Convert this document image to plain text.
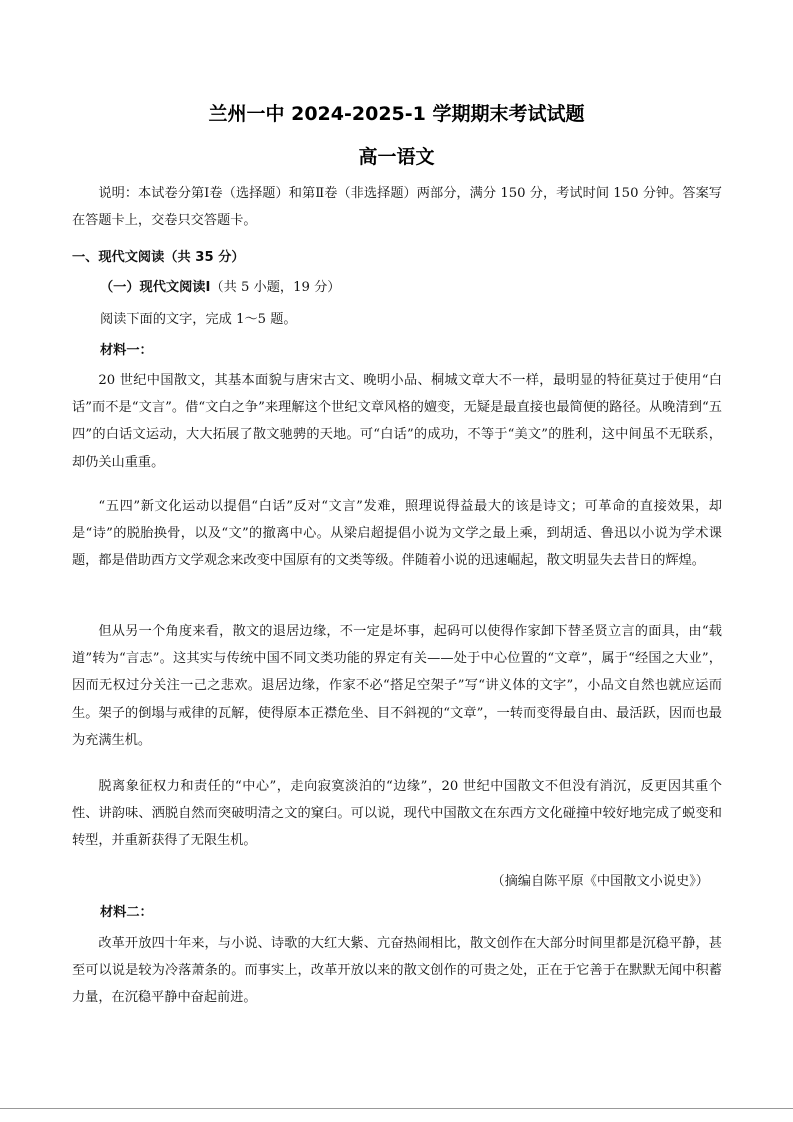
兰州一中 2024-2025-1 学期期末考试试题
高一语文
说明：本试卷分第Ⅰ卷（选择题）和第Ⅱ卷（非选择题）两部分，满分 150 分，考试时间 150 分钟。答案写在答题卡上，交卷只交答题卡。
一、现代文阅读（共 35 分）
（一）现代文阅读Ⅰ（共 5 小题，19 分）
阅读下面的文字，完成 1～5 题。
材料一：
20 世纪中国散文，其基本面貌与唐宋古文、晚明小品、桐城文章大不一样，最明显的特征莫过于使用“白话”而不是“文言”。借“文白之争”来理解这个世纪文章风格的嬗变，无疑是最直接也最简便的路径。从晚清到“五四”的白话文运动，大大拓展了散文驰骋的天地。可“白话”的成功，不等于“美文”的胜利，这中间虽不无联系，却仍关山重重。
“五四”新文化运动以提倡“白话”反对“文言”发难，照理说得益最大的该是诗文；可革命的直接效果，却是“诗”的脱胎换骨，以及“文”的撤离中心。从梁启超提倡小说为文学之最上乘，到胡适、鲁迅以小说为学术课题，都是借助西方文学观念来改变中国原有的文类等级。伴随着小说的迅速崛起，散文明显失去昔日的辉煌。
但从另一个角度来看，散文的退居边缘，不一定是坏事，起码可以使得作家卸下替圣贤立言的面具，由“载道”转为“言志”。这其实与传统中国不同文类功能的界定有关——处于中心位置的“文章”，属于“经国之大业”，因而无权过分关注一己之悲欢。退居边缘，作家不必“搭足空架子”写“讲义体的文字”，小品文自然也就应运而生。架子的倒塌与戒律的瓦解，使得原本正襟危坐、目不斜视的“文章”，一转而变得最自由、最活跃，因而也最为充满生机。
脱离象征权力和责任的“中心”，走向寂寞淡泊的“边缘”，20 世纪中国散文不但没有消沉，反更因其重个性、讲韵味、洒脱自然而突破明清之文的窠臼。可以说，现代中国散文在东西方文化碰撞中较好地完成了蜕变和转型，并重新获得了无限生机。
（摘编自陈平原《中国散文小说史》）
材料二：
改革开放四十年来，与小说、诗歌的大红大紫、亢奋热闹相比，散文创作在大部分时间里都是沉稳平静，甚至可以说是较为冷落萧条的。而事实上，改革开放以来的散文创作的可贵之处，正在于它善于在默默无闻中积蓄力量，在沉稳平静中奋起前进。
